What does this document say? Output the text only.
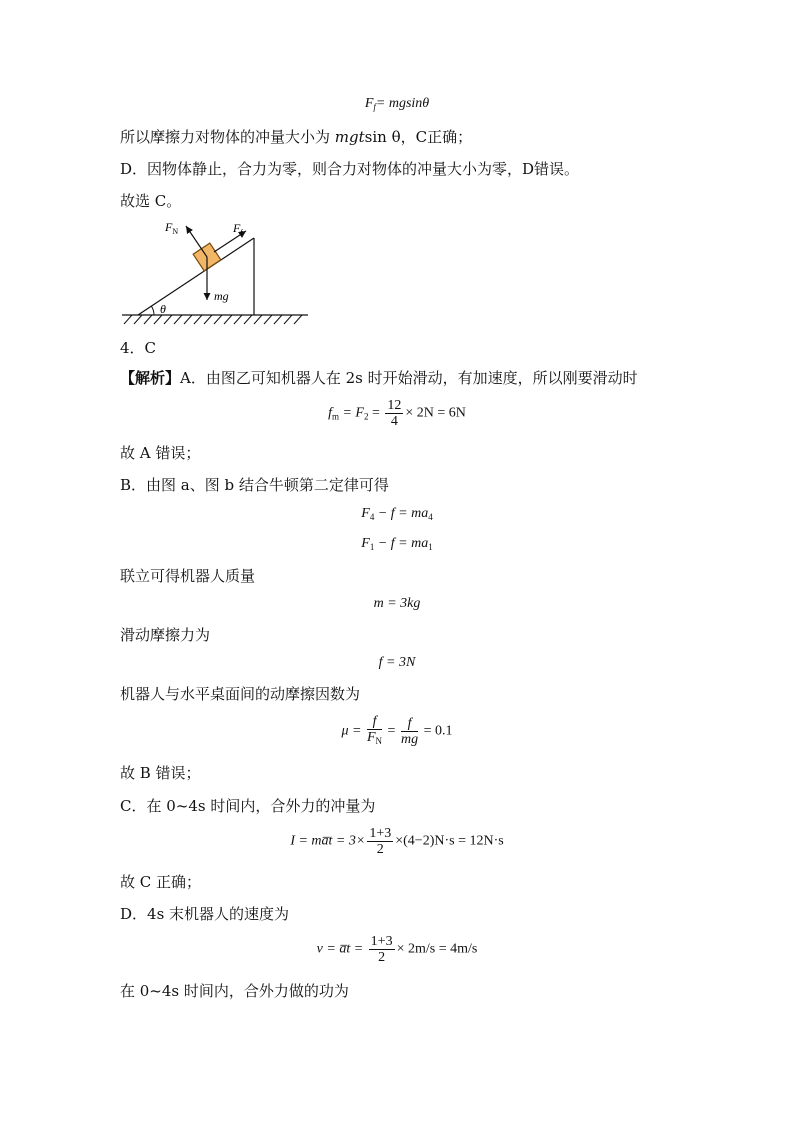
$F_f= mgsin\theta$
所以摩擦力对物体的冲量大小为 mgtsin θ，C正确；
D．因物体静止，合力为零，则合力对物体的冲量大小为零，D错误。
故选 C。
θ
$F_N$	$F_f$
mg
4．C
【解析】A．由图乙可知机器人在 2s 时开始滑动，有加速度，所以刚要滑动时
$f_m = F_2 = \frac{12}{4} \times 2N = 6N$
故 A 错误；
B．由图 a、图 b 结合牛顿第二定律可得
$F_4 - f = ma_4$
$F_1 - f = ma_1$
联立可得机器人质量
m = 3kg
滑动摩擦力为
f = 3N
机器人与水平桌面间的动摩擦因数为
$\mu = \frac{f}{F_N} = \frac{f}{mg} = 0.1$
故 B 错误；
C．在 0~4s 时间内，合外力的冲量为
I = ma̅t = $3\times \frac{1+3}{2} \times(4-2)N\cdot s = 12N\cdot s$
故 C 正确；
D．4s 末机器人的速度为
v = a̅t = $\frac{1+3}{2} \times 2m/s = 4m/s$
在 0~4s 时间内，合外力做的功为
